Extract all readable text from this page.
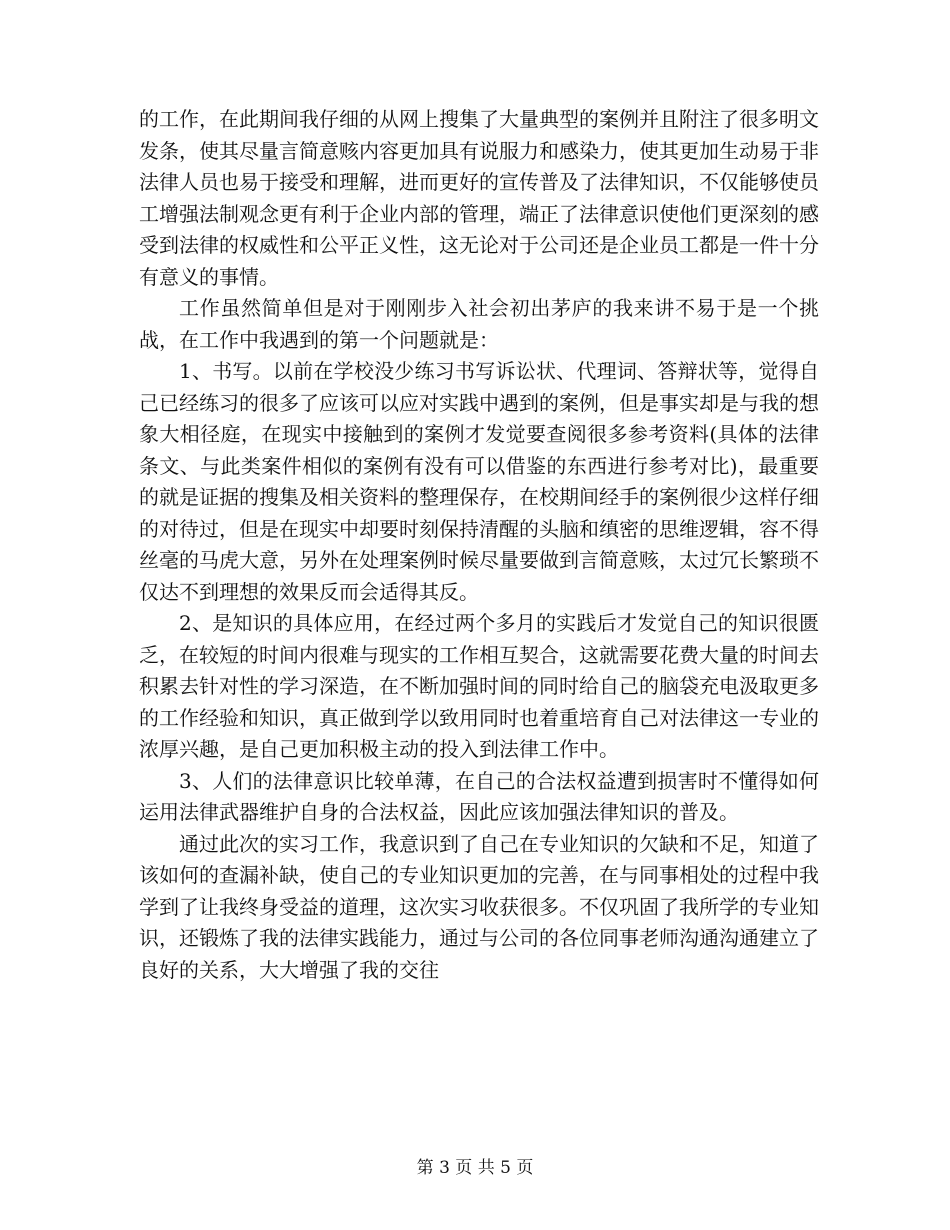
的工作，在此期间我仔细的从网上搜集了大量典型的案例并且附注了很多明文发条，使其尽量言简意赅内容更加具有说服力和感染力，使其更加生动易于非法律人员也易于接受和理解，进而更好的宣传普及了法律知识，不仅能够使员工增强法制观念更有利于企业内部的管理，端正了法律意识使他们更深刻的感受到法律的权威性和公平正义性，这无论对于公司还是企业员工都是一件十分有意义的事情。

工作虽然简单但是对于刚刚步入社会初出茅庐的我来讲不易于是一个挑战，在工作中我遇到的第一个问题就是：

1、书写。以前在学校没少练习书写诉讼状、代理词、答辩状等，觉得自己已经练习的很多了应该可以应对实践中遇到的案例，但是事实却是与我的想象大相径庭，在现实中接触到的案例才发觉要查阅很多参考资料(具体的法律条文、与此类案件相似的案例有没有可以借鉴的东西进行参考对比)，最重要的就是证据的搜集及相关资料的整理保存，在校期间经手的案例很少这样仔细的对待过，但是在现实中却要时刻保持清醒的头脑和缜密的思维逻辑，容不得丝毫的马虎大意，另外在处理案例时候尽量要做到言简意赅，太过冗长繁琐不仅达不到理想的效果反而会适得其反。

2、是知识的具体应用，在经过两个多月的实践后才发觉自己的知识很匮乏，在较短的时间内很难与现实的工作相互契合，这就需要花费大量的时间去积累去针对性的学习深造，在不断加强时间的同时给自己的脑袋充电汲取更多的工作经验和知识，真正做到学以致用同时也着重培育自己对法律这一专业的浓厚兴趣，是自己更加积极主动的投入到法律工作中。

3、人们的法律意识比较单薄，在自己的合法权益遭到损害时不懂得如何运用法律武器维护自身的合法权益，因此应该加强法律知识的普及。

通过此次的实习工作，我意识到了自己在专业知识的欠缺和不足，知道了该如何的查漏补缺，使自己的专业知识更加的完善，在与同事相处的过程中我学到了让我终身受益的道理，这次实习收获很多。不仅巩固了我所学的专业知识，还锻炼了我的法律实践能力，通过与公司的各位同事老师沟通沟通建立了良好的关系，大大增强了我的交往

第 3 页 共 5 页
